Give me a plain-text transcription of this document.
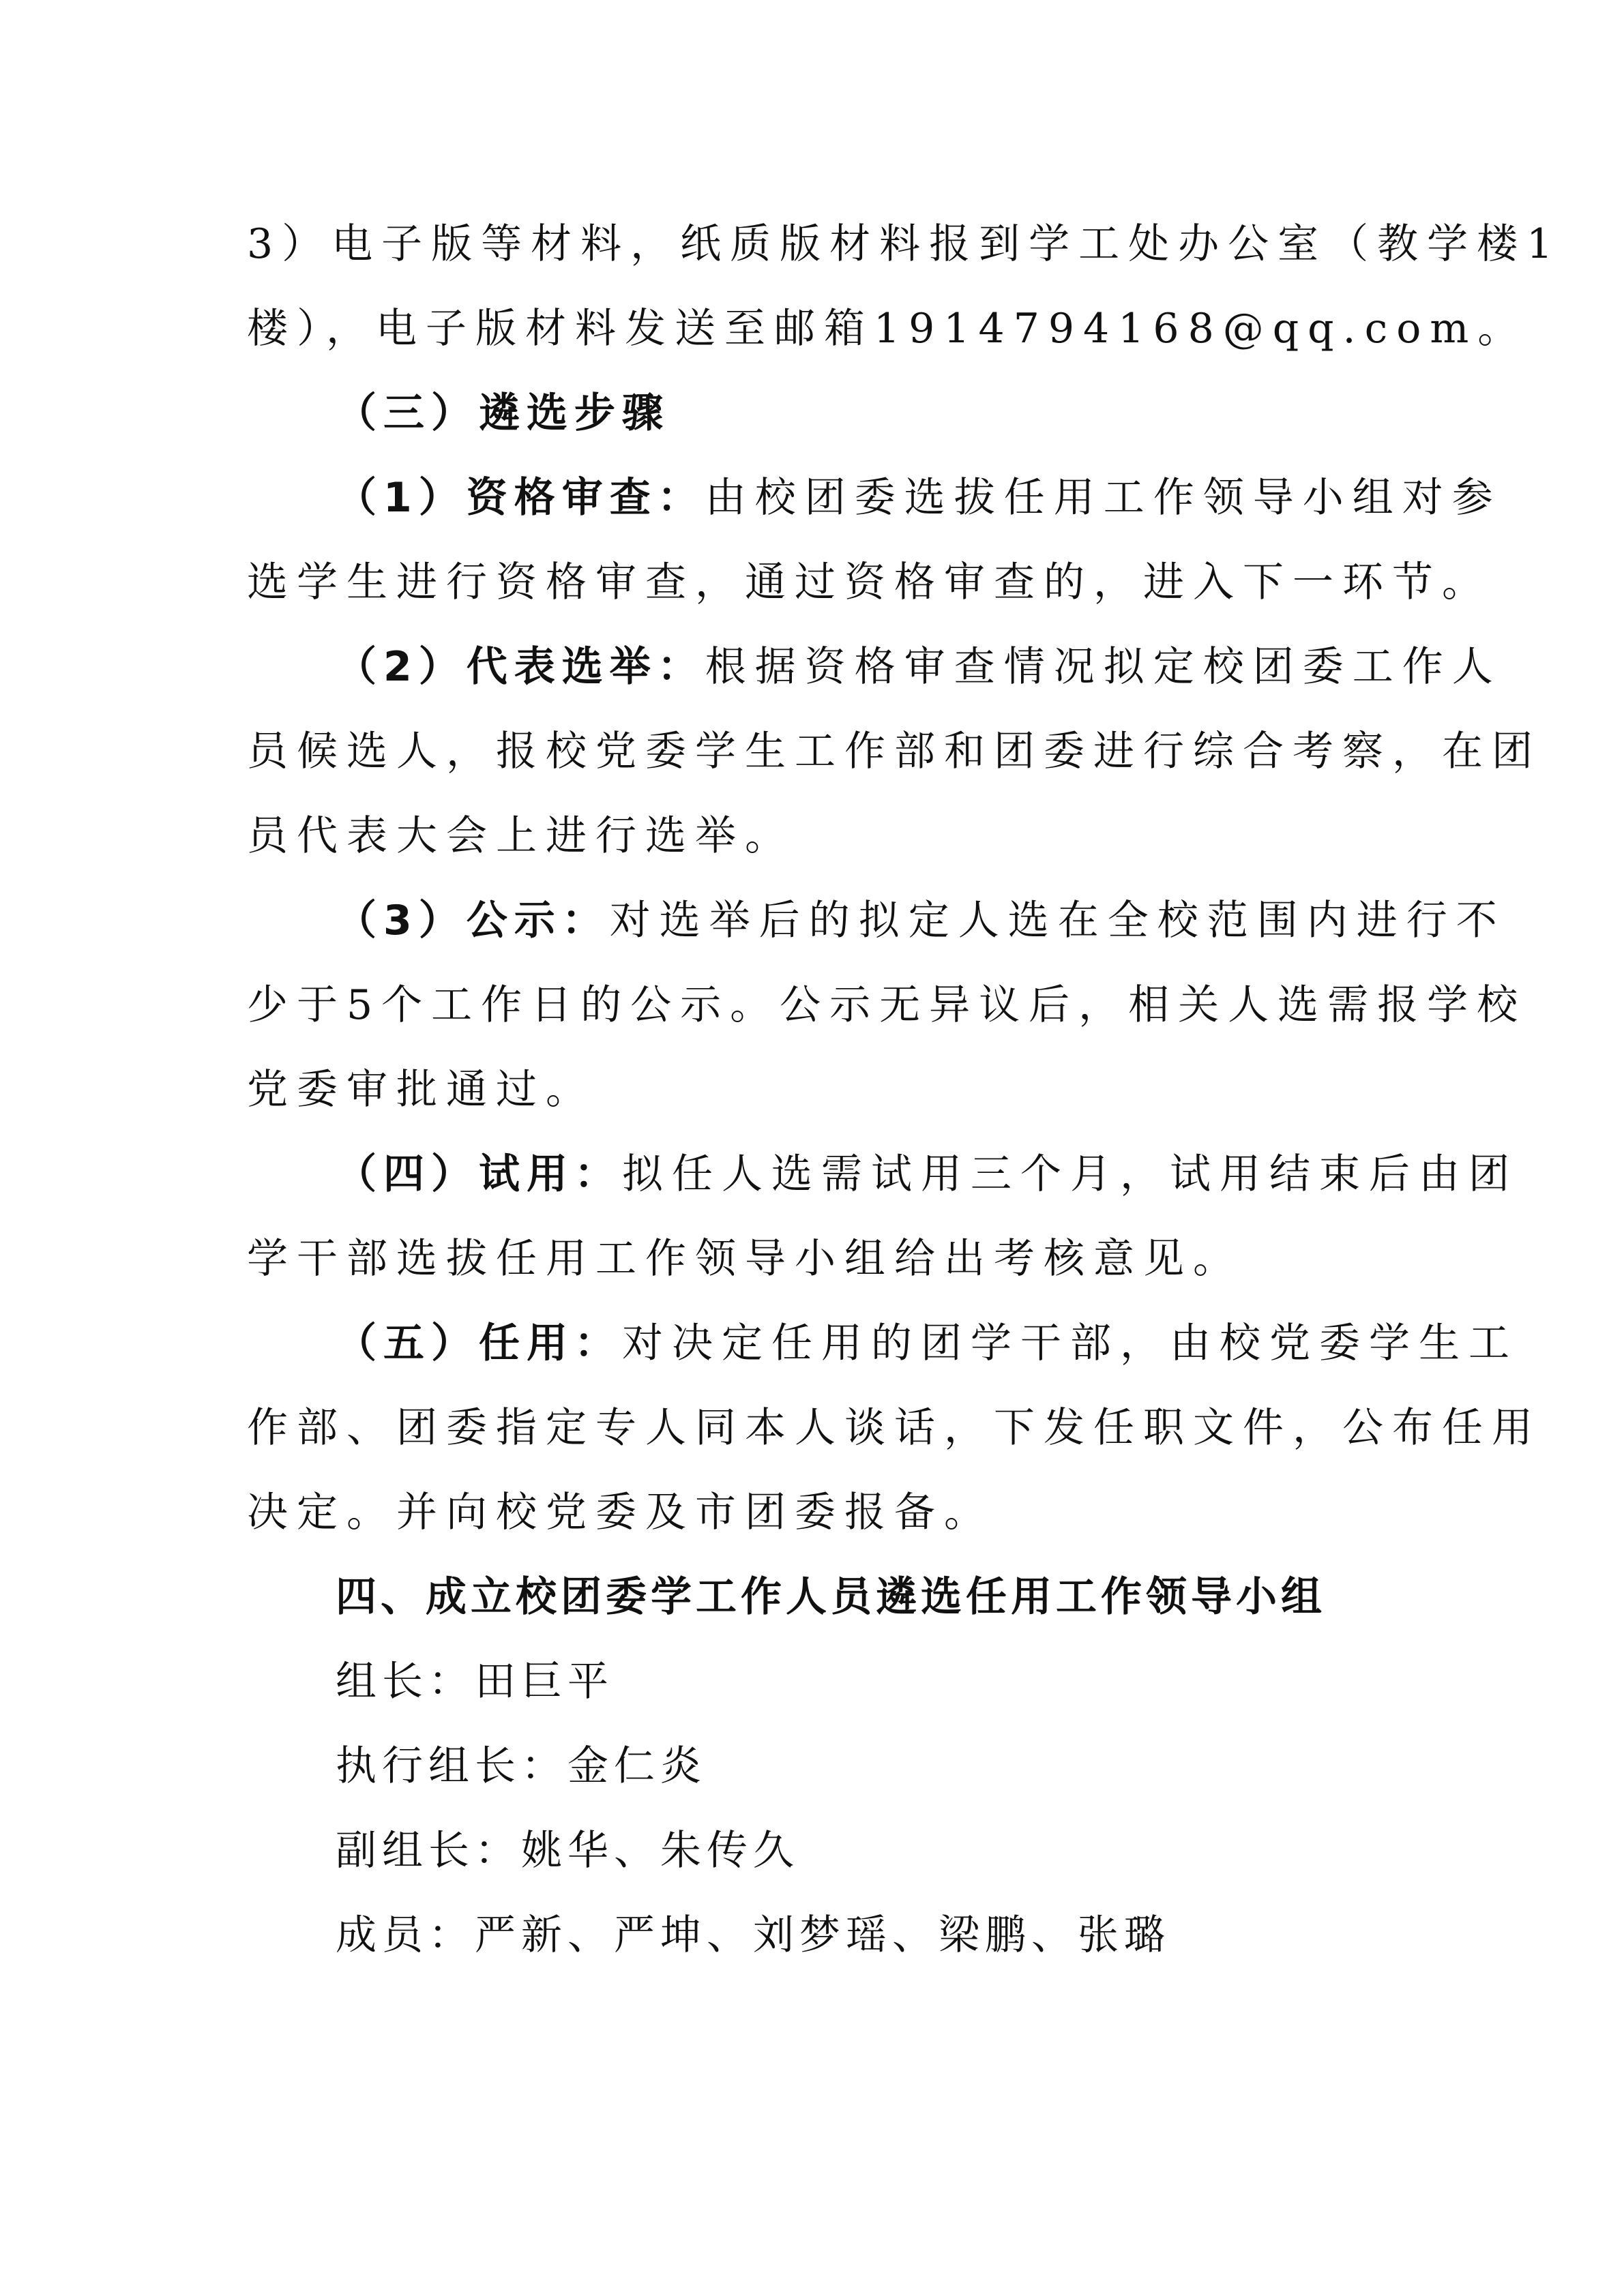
3）电子版等材料，纸质版材料报到学工处办公室（教学楼1
楼），电子版材料发送至邮箱1914794168@qq.com。
（三）遴选步骤
（1）资格审查：由校团委选拔任用工作领导小组对参
选学生进行资格审查，通过资格审查的，进入下一环节。
（2）代表选举：根据资格审查情况拟定校团委工作人
员候选人，报校党委学生工作部和团委进行综合考察，在团
员代表大会上进行选举。
（3）公示：对选举后的拟定人选在全校范围内进行不
少于5个工作日的公示。公示无异议后，相关人选需报学校
党委审批通过。
（四）试用：拟任人选需试用三个月，试用结束后由团
学干部选拔任用工作领导小组给出考核意见。
（五）任用：对决定任用的团学干部，由校党委学生工
作部、团委指定专人同本人谈话，下发任职文件，公布任用
决定。并向校党委及市团委报备。
四、成立校团委学工作人员遴选任用工作领导小组
组长：田巨平
执行组长：金仁炎
副组长：姚华、朱传久
成员：严新、严坤、刘梦瑶、梁鹏、张璐
